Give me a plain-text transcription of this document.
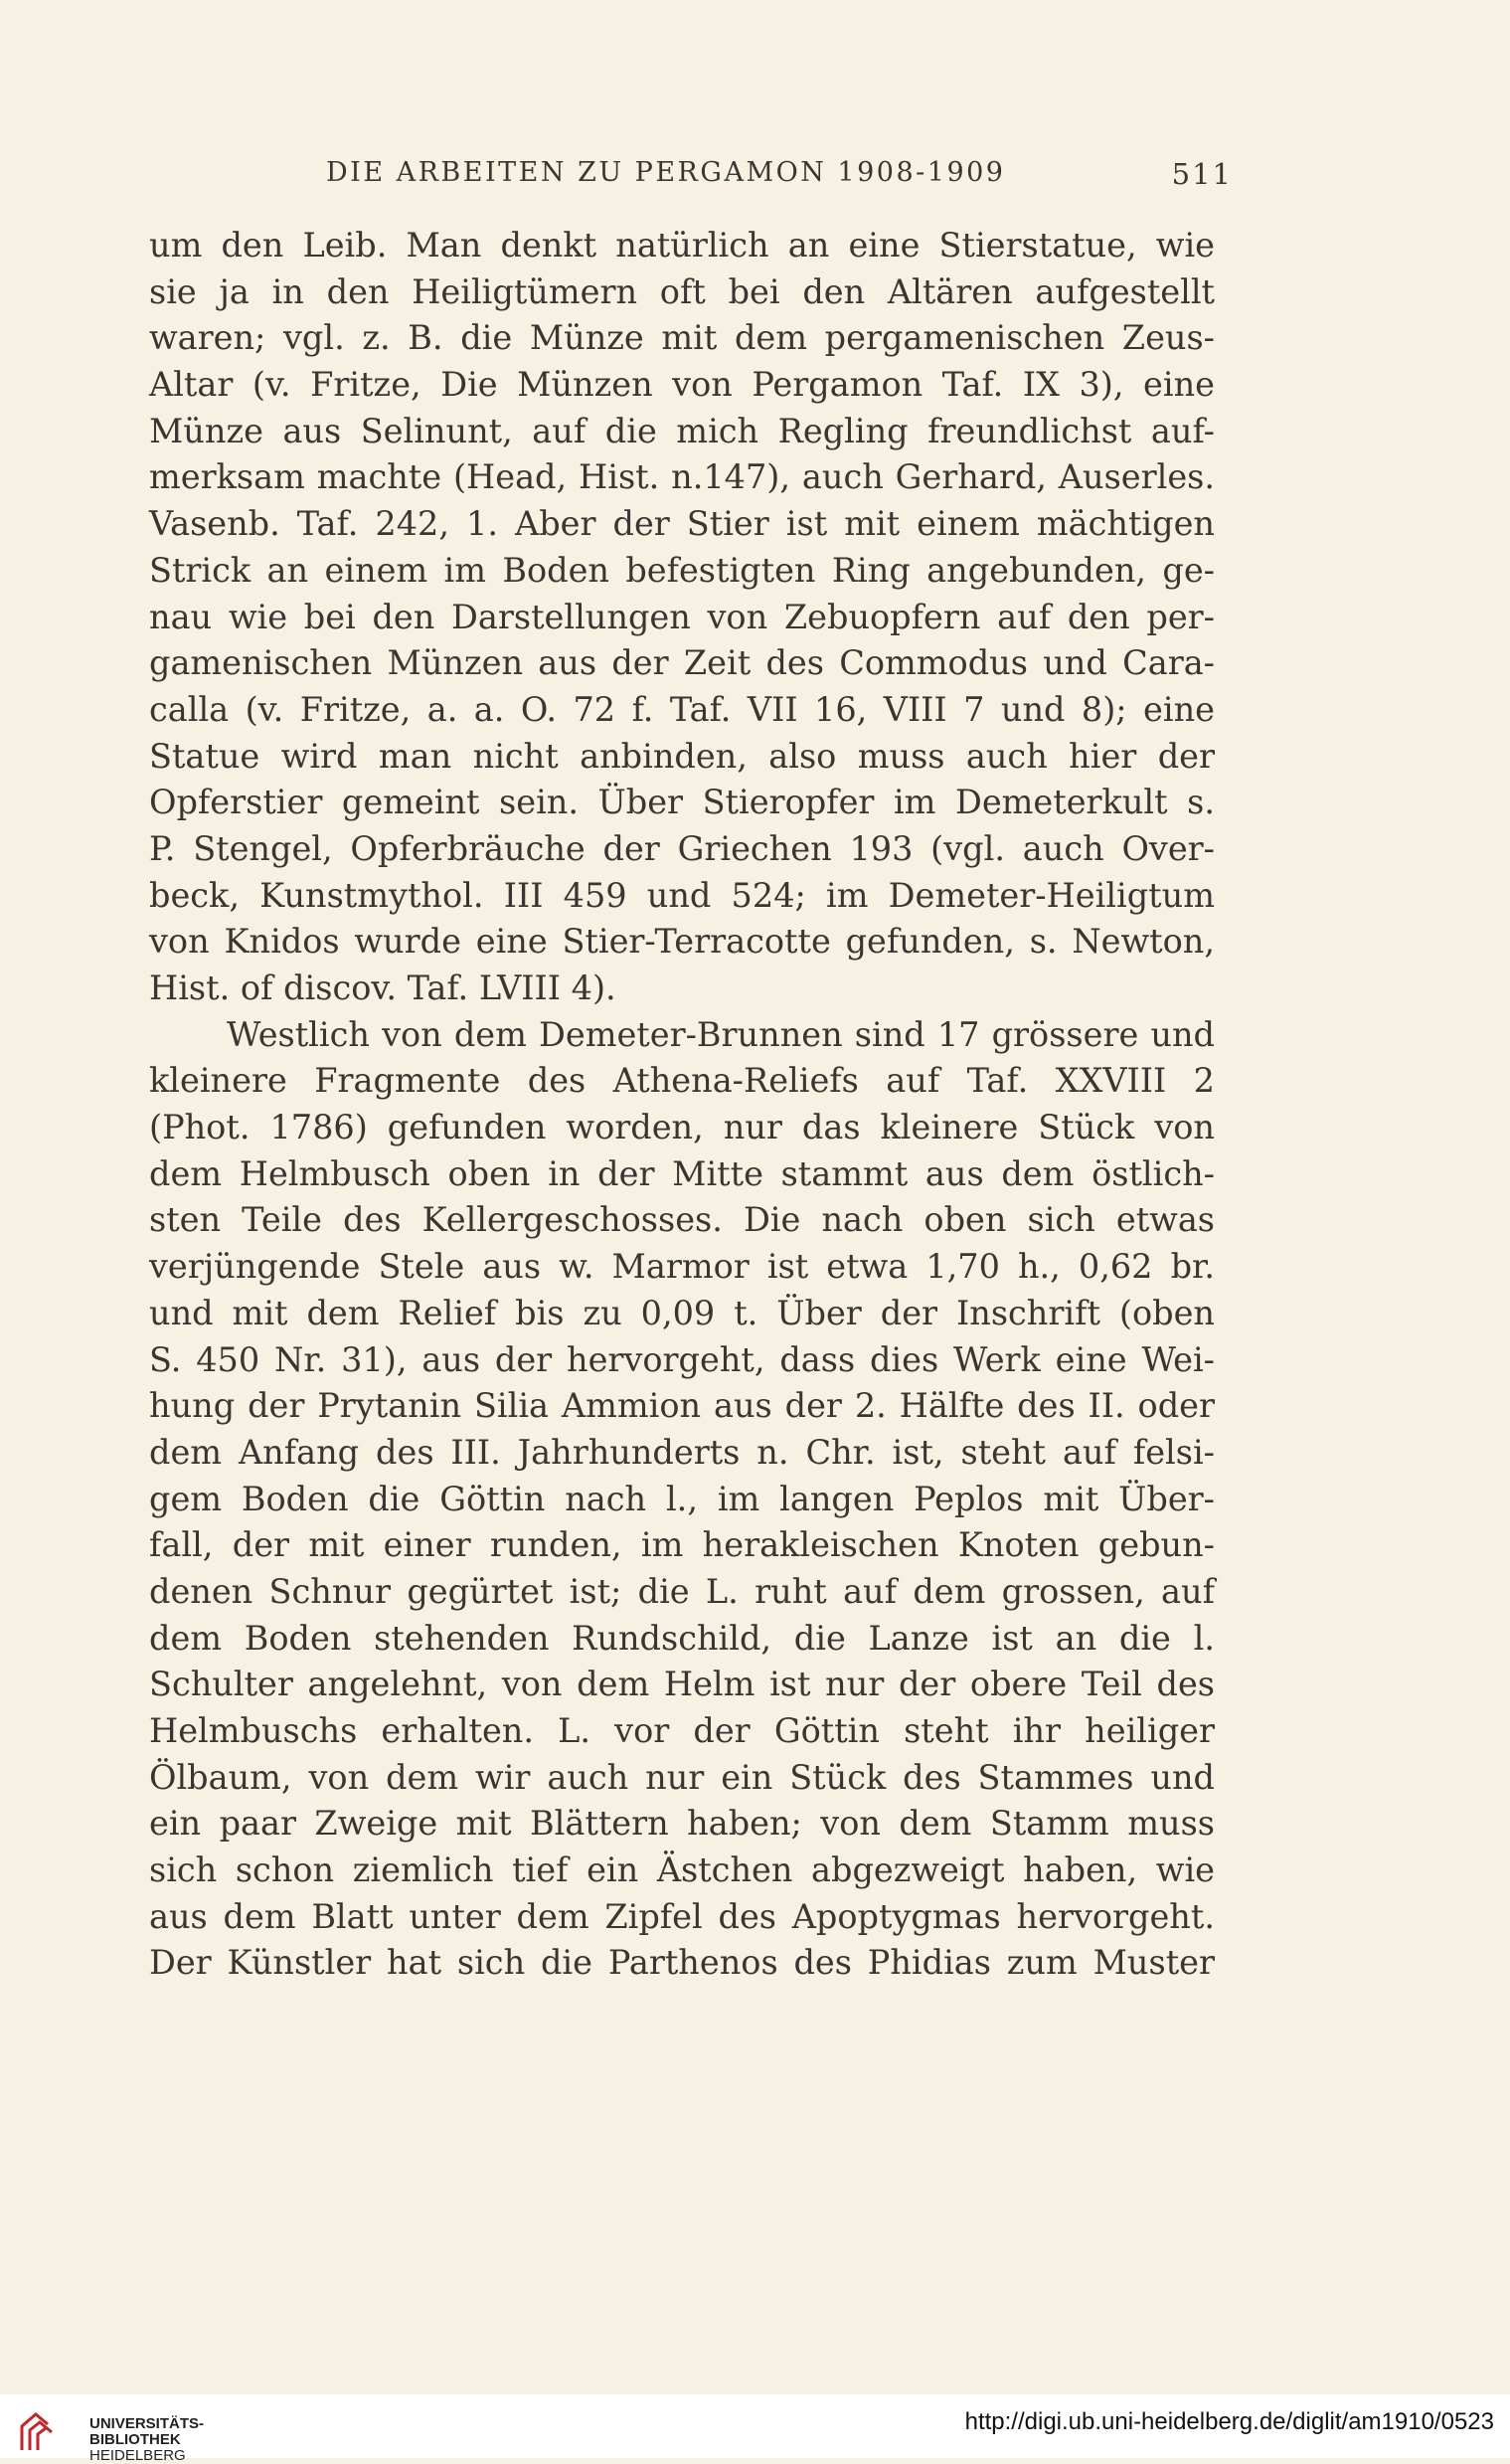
DIE ARBEITEN ZU PERGAMON 1908-1909	511
um den Leib. Man denkt natürlich an eine Stierstatue, wie
sie ja in den Heiligtümern oft bei den Altären aufgestellt
waren; vgl. z. B. die Münze mit dem pergamenischen Zeus-
Altar (v. Fritze, Die Münzen von Pergamon Taf. IX 3), eine
Münze aus Selinunt, auf die mich Regling freundlichst auf-
merksam machte (Head, Hist. n.147), auch Gerhard, Auserles.
Vasenb. Taf. 242, 1. Aber der Stier ist mit einem mächtigen
Strick an einem im Boden befestigten Ring angebunden, ge-
nau wie bei den Darstellungen von Zebuopfern auf den per-
gamenischen Münzen aus der Zeit des Commodus und Cara-
calla (v. Fritze, a. a. O. 72 f. Taf. VII 16, VIII 7 und 8); eine
Statue wird man nicht anbinden, also muss auch hier der
Opferstier gemeint sein. Über Stieropfer im Demeterkult s.
P. Stengel, Opferbräuche der Griechen 193 (vgl. auch Over-
beck, Kunstmythol. III 459 und 524; im Demeter-Heiligtum
von Knidos wurde eine Stier-Terracotte gefunden, s. Newton,
Hist. of discov. Taf. LVIII 4).
Westlich von dem Demeter-Brunnen sind 17 grössere und
kleinere Fragmente des Athena-Reliefs auf Taf. XXVIII 2
(Phot. 1786) gefunden worden, nur das kleinere Stück von
dem Helmbusch oben in der Mitte stammt aus dem östlich-
sten Teile des Kellergeschosses. Die nach oben sich etwas
verjüngende Stele aus w. Marmor ist etwa 1,70 h., 0,62 br.
und mit dem Relief bis zu 0,09 t. Über der Inschrift (oben
S. 450 Nr. 31), aus der hervorgeht, dass dies Werk eine Wei-
hung der Prytanin Silia Ammion aus der 2. Hälfte des II. oder
dem Anfang des III. Jahrhunderts n. Chr. ist, steht auf felsi-
gem Boden die Göttin nach l., im langen Peplos mit Über-
fall, der mit einer runden, im herakleischen Knoten gebun-
denen Schnur gegürtet ist; die L. ruht auf dem grossen, auf
dem Boden stehenden Rundschild, die Lanze ist an die l.
Schulter angelehnt, von dem Helm ist nur der obere Teil des
Helmbuschs erhalten. L. vor der Göttin steht ihr heiliger
Ölbaum, von dem wir auch nur ein Stück des Stammes und
ein paar Zweige mit Blättern haben; von dem Stamm muss
sich schon ziemlich tief ein Ästchen abgezweigt haben, wie
aus dem Blatt unter dem Zipfel des Apoptygmas hervorgeht.
Der Künstler hat sich die Parthenos des Phidias zum Muster
UNIVERSITÄTS-
BIBLIOTHEK
HEIDELBERG
http://digi.ub.uni-heidelberg.de/diglit/am1910/0523
